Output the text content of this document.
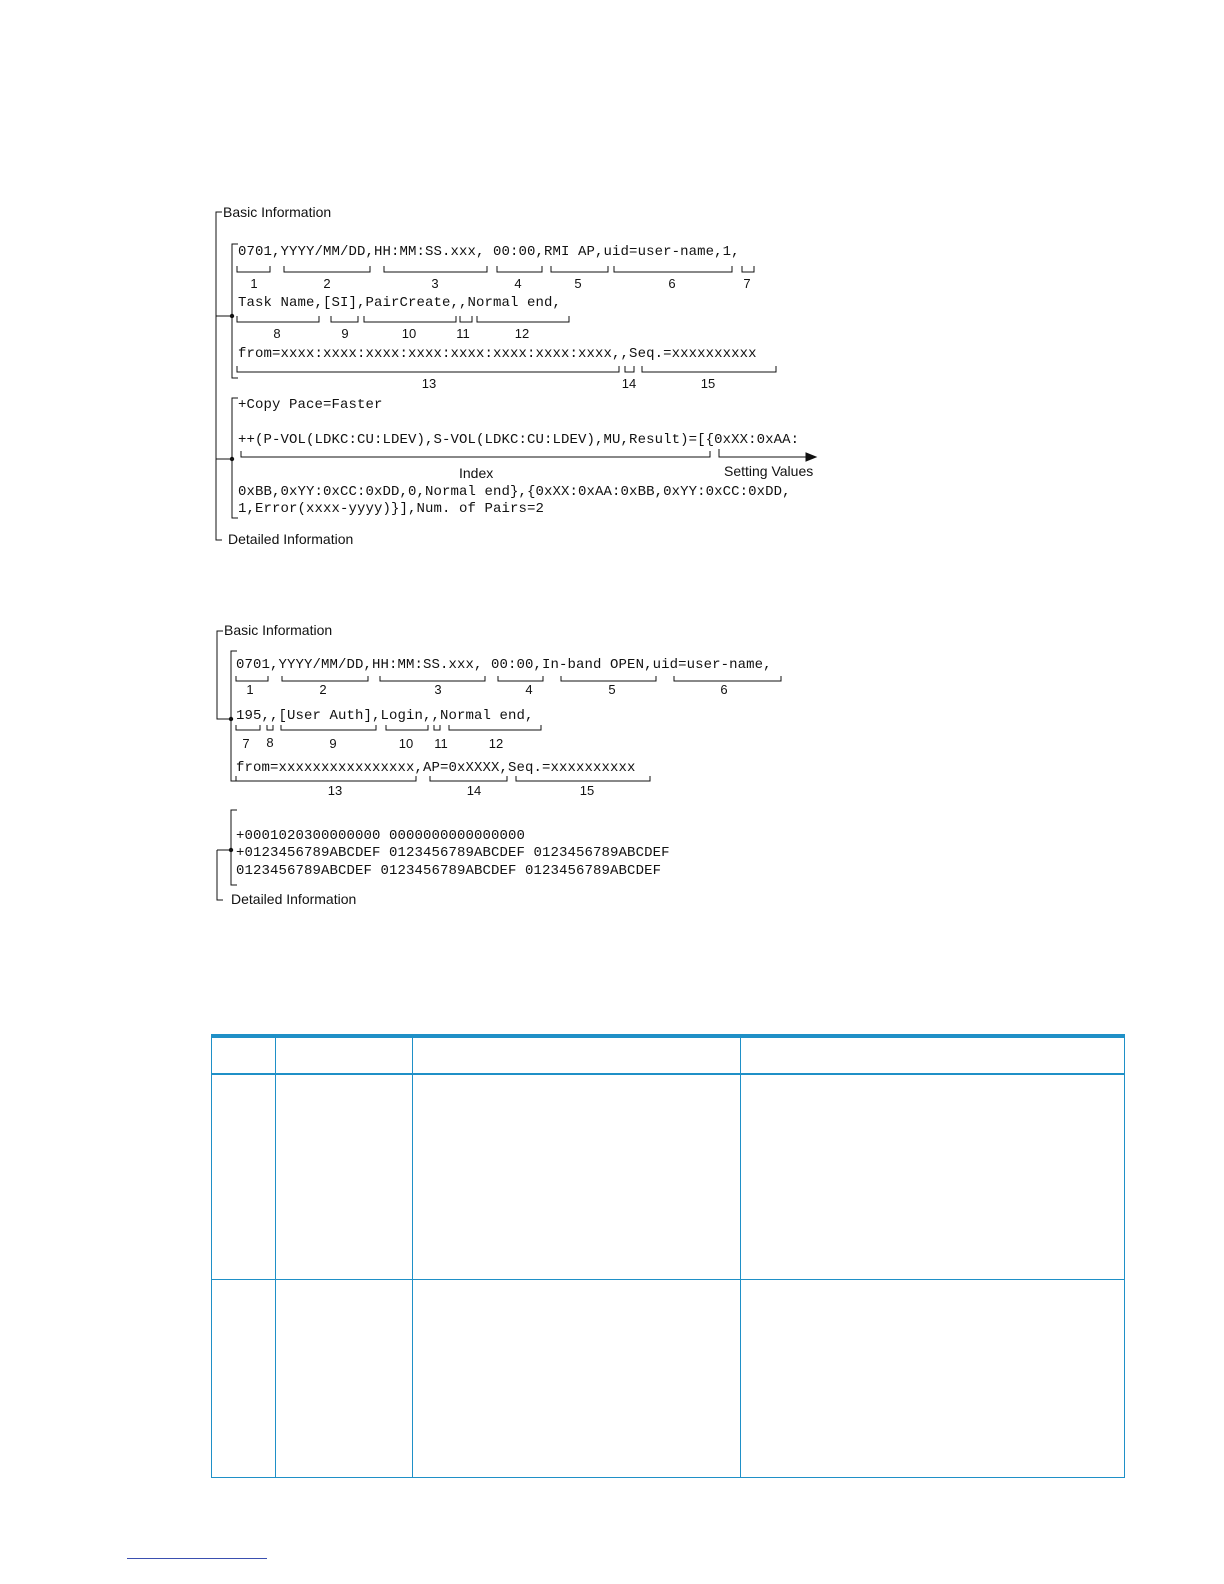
Basic Information
0701,YYYY/MM/DD,HH:MM:SS.xxx, 00:00,RMI AP,uid=user-name,1,
Task Name,[SI],PairCreate,,Normal end,
from=xxxx:xxxx:xxxx:xxxx:xxxx:xxxx:xxxx:xxxx,,Seq.=xxxxxxxxxx
+Copy Pace=Faster
++(P-VOL(LDKC:CU:LDEV),S-VOL(LDKC:CU:LDEV),MU,Result)=[{0xXX:0xAA:
Index	Setting Values
0xBB,0xYY:0xCC:0xDD,0,Normal end},{0xXX:0xAA:0xBB,0xYY:0xCC:0xDD,
1,Error(xxxx-yyyy)}],Num. of Pairs=2
Detailed Information
1	2	3	4	5	6	7
8	9	10	11	12
13	14	15
Basic Information
0701,YYYY/MM/DD,HH:MM:SS.xxx, 00:00,In-band OPEN,uid=user-name,
195,,[User Auth],Login,,Normal end,
from=xxxxxxxxxxxxxxxx,AP=0xXXXX,Seq.=xxxxxxxxxx
+0001020300000000 0000000000000000
+0123456789ABCDEF 0123456789ABCDEF 0123456789ABCDEF
0123456789ABCDEF 0123456789ABCDEF 0123456789ABCDEF
Detailed Information
1	2	3	4	5	6
7 8	9	10 11	12
13	14	15
